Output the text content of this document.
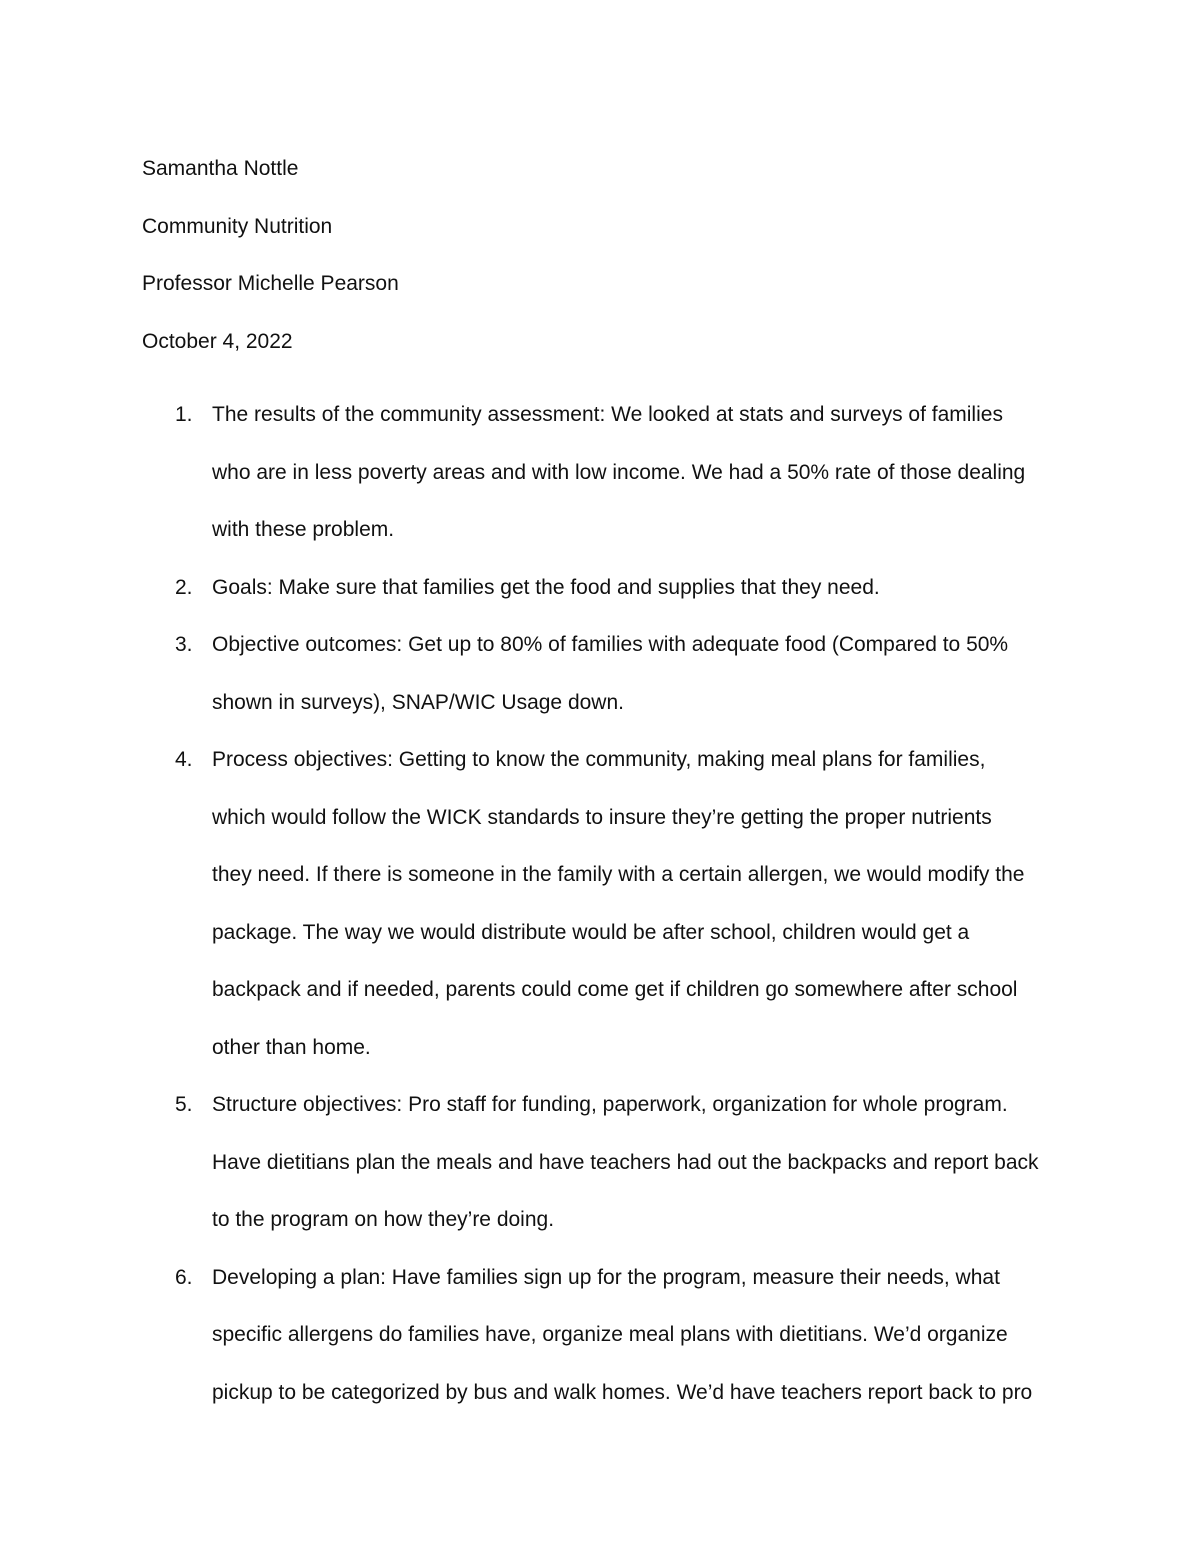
Samantha Nottle
Community Nutrition
Professor Michelle Pearson
October 4, 2022
1. The results of the community assessment: We looked at stats and surveys of families
who are in less poverty areas and with low income. We had a 50% rate of those dealing
with these problem.
2. Goals: Make sure that families get the food and supplies that they need.
3. Objective outcomes: Get up to 80% of families with adequate food (Compared to 50%
shown in surveys), SNAP/WIC Usage down.
4. Process objectives: Getting to know the community, making meal plans for families,
which would follow the WICK standards to insure they’re getting the proper nutrients
they need. If there is someone in the family with a certain allergen, we would modify the
package. The way we would distribute would be after school, children would get a
backpack and if needed, parents could come get if children go somewhere after school
other than home.
5. Structure objectives: Pro staff for funding, paperwork, organization for whole program.
Have dietitians plan the meals and have teachers had out the backpacks and report back
to the program on how they’re doing.
6. Developing a plan: Have families sign up for the program, measure their needs, what
specific allergens do families have, organize meal plans with dietitians. We’d organize
pickup to be categorized by bus and walk homes. We’d have teachers report back to pro
